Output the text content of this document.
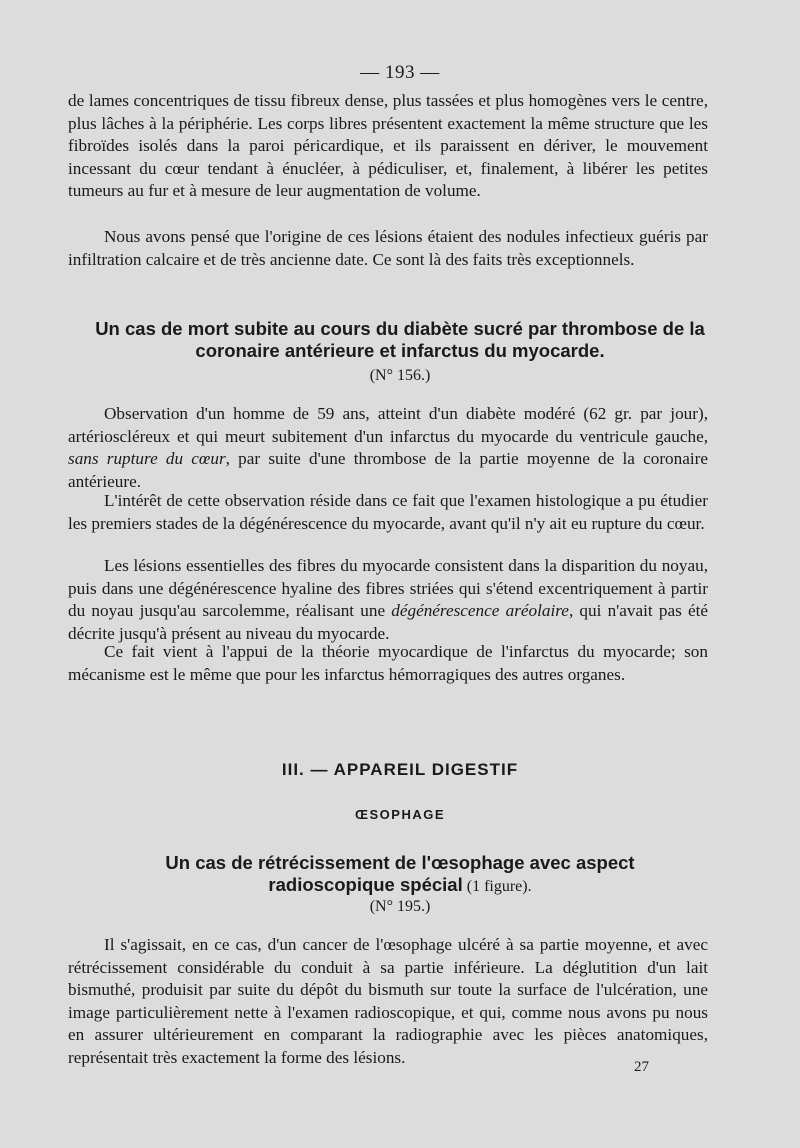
— 193 —

de lames concentriques de tissu fibreux dense, plus tassées et plus homogènes vers le centre, plus lâches à la périphérie. Les corps libres présentent exactement la même structure que les fibroïdes isolés dans la paroi péricardique, et ils paraissent en dériver, le mouvement incessant du cœur tendant à énucléer, à pédiculiser, et, finalement, à libérer les petites tumeurs au fur et à mesure de leur augmentation de volume.

Nous avons pensé que l'origine de ces lésions étaient des nodules infectieux guéris par infiltration calcaire et de très ancienne date. Ce sont là des faits très exceptionnels.

Un cas de mort subite au cours du diabète sucré par thrombose de la coronaire antérieure et infarctus du myocarde.

(N° 156.)

Observation d'un homme de 59 ans, atteint d'un diabète modéré (62 gr. par jour), artérioscléreux et qui meurt subitement d'un infarctus du myocarde du ventricule gauche, sans rupture du cœur, par suite d'une thrombose de la partie moyenne de la coronaire antérieure.

L'intérêt de cette observation réside dans ce fait que l'examen histologique a pu étudier les premiers stades de la dégénérescence du myocarde, avant qu'il n'y ait eu rupture du cœur.

Les lésions essentielles des fibres du myocarde consistent dans la disparition du noyau, puis dans une dégénérescence hyaline des fibres striées qui s'étend excentriquement à partir du noyau jusqu'au sarcolemme, réalisant une dégénérescence aréolaire, qui n'avait pas été décrite jusqu'à présent au niveau du myocarde.

Ce fait vient à l'appui de la théorie myocardique de l'infarctus du myocarde; son mécanisme est le même que pour les infarctus hémorragiques des autres organes.

III. — APPAREIL DIGESTIF
ŒSOPHAGE

Un cas de rétrécissement de l'œsophage avec aspect radioscopique spécial (1 figure).

(N° 195.)

Il s'agissait, en ce cas, d'un cancer de l'œsophage ulcéré à sa partie moyenne, et avec rétrécissement considérable du conduit à sa partie inférieure. La déglutition d'un lait bismuthé, produisit par suite du dépôt du bismuth sur toute la surface de l'ulcération, une image particulièrement nette à l'examen radioscopique, et qui, comme nous avons pu nous en assurer ultérieurement en comparant la radiographie avec les pièces anatomiques, représentait très exactement la forme des lésions.

27
